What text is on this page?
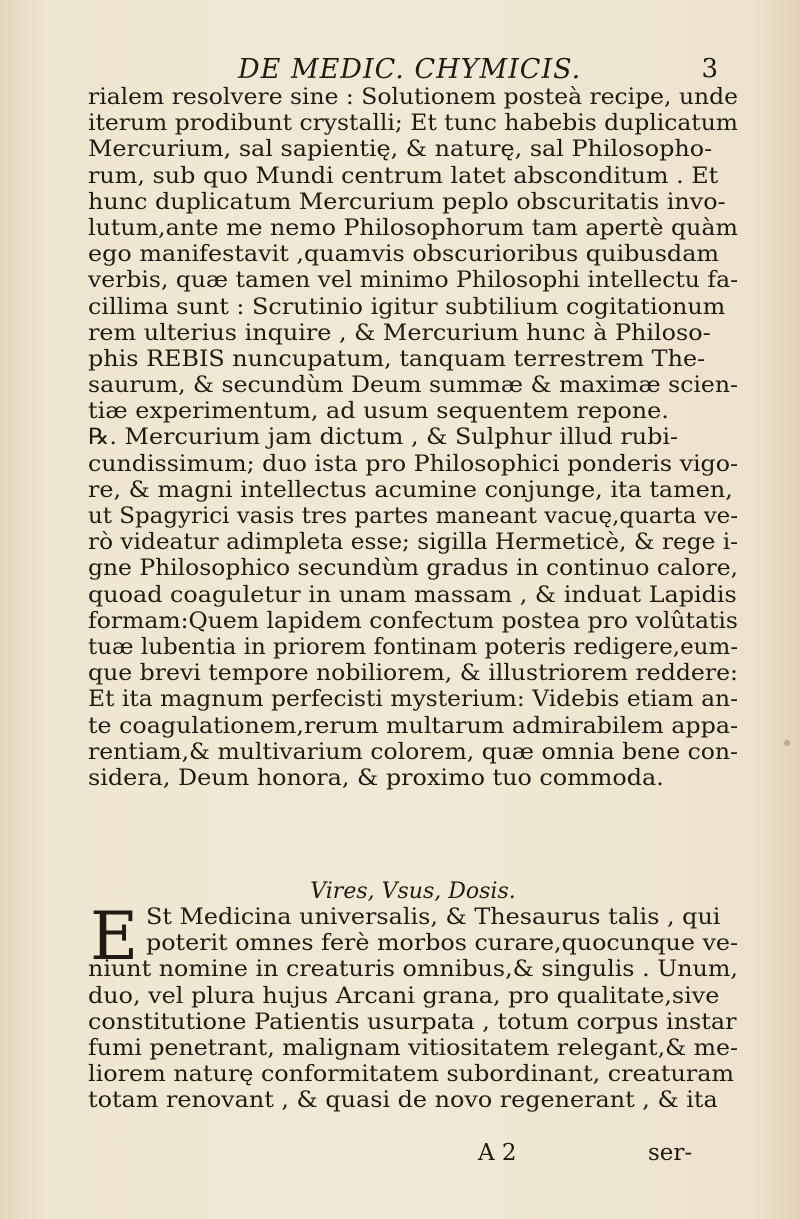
DE MEDIC. CHYMICIS.	3
rialem resolvere sine : Solutionem posteà recipe, unde
iterum prodibunt crystalli; Et tunc habebis duplicatum
Mercurium, sal sapientię, & naturę, sal Philosopho-
rum, sub quo Mundi centrum latet absconditum . Et
hunc duplicatum Mercurium peplo obscuritatis invo-
lutum,ante me nemo Philosophorum tam apertè quàm
ego manifestavit ,quamvis obscurioribus quibusdam
verbis, quæ tamen vel minimo Philosophi intellectu fa-
cillima sunt : Scrutinio igitur subtilium cogitationum
rem ulterius inquire , & Mercurium hunc à Philoso-
phis REBIS nuncupatum, tanquam terrestrem The-
saurum, & secundùm Deum summæ & maximæ scien-
tiæ experimentum, ad usum sequentem repone.
℞. Mercurium jam dictum , & Sulphur illud rubi-
cundissimum; duo ista pro Philosophici ponderis vigo-
re, & magni intellectus acumine conjunge, ita tamen,
ut Spagyrici vasis tres partes maneant vacuę,quarta ve-
rò videatur adimpleta esse; sigilla Hermeticè, & rege i-
gne Philosophico secundùm gradus in continuo calore,
quoad coaguletur in unam massam , & induat Lapidis
formam:Quem lapidem confectum postea pro volûtatis
tuæ lubentia in priorem fontinam poteris redigere,eum-
que brevi tempore nobiliorem, & illustriorem reddere:
Et ita magnum perfecisti mysterium: Videbis etiam an-
te coagulationem,rerum multarum admirabilem appa-
rentiam,& multivarium colorem, quæ omnia bene con-
sidera, Deum honora, & proximo tuo commoda.
Vires, Vsus, Dosis.
E St Medicina universalis, & Thesaurus talis , qui
poterit omnes ferè morbos curare,quocunque ve-
niunt nomine in creaturis omnibus,& singulis . Unum,
duo, vel plura hujus Arcani grana, pro qualitate,sive
constitutione Patientis usurpata , totum corpus instar
fumi penetrant, malignam vitiositatem relegant,& me-
liorem naturę conformitatem subordinant, creaturam
totam renovant , & quasi de novo regenerant , & ita
A 2	ser-
